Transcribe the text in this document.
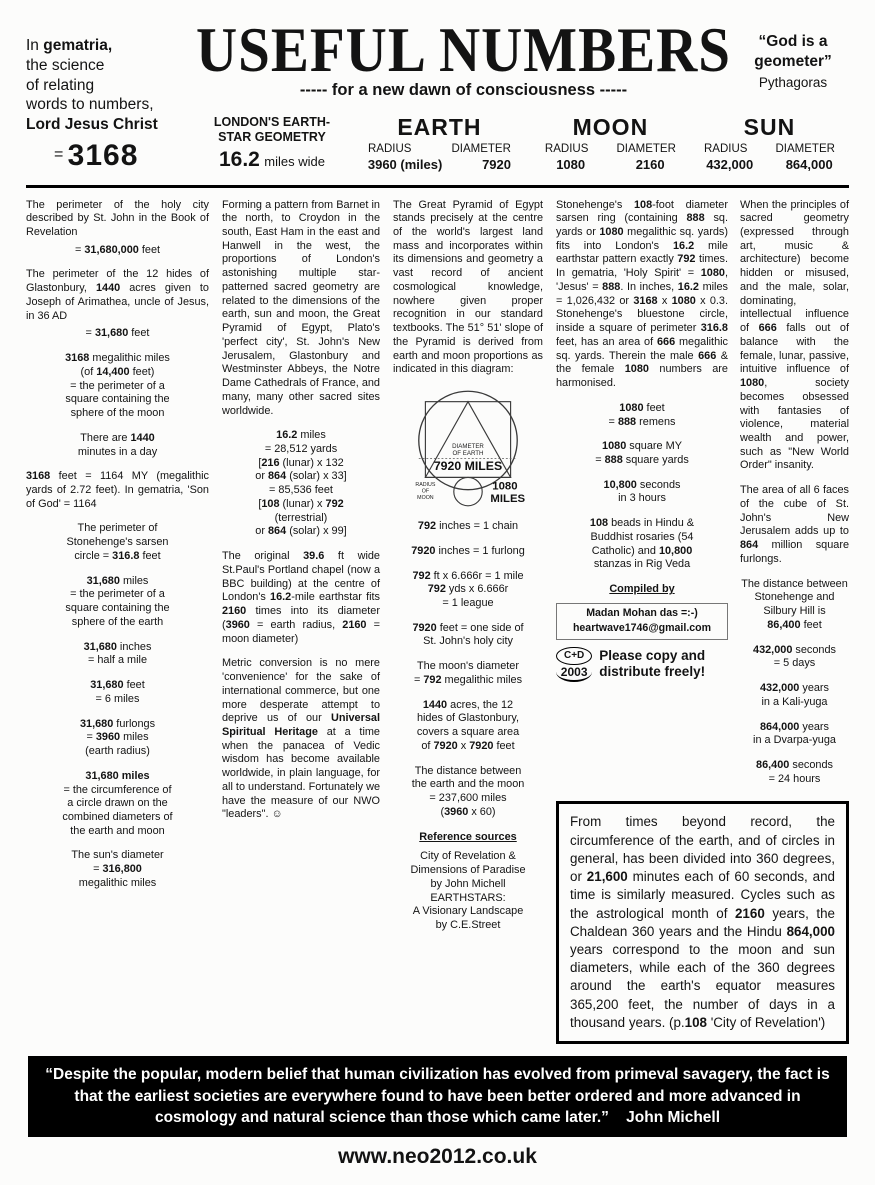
In gematria,
the science
of relating
words to numbers,
Lord Jesus Christ
= 3168
USEFUL NUMBERS
----- for a new dawn of consciousness -----
“God is a
geometer”
Pythagoras
LONDON'S EARTH-
STAR GEOMETRY
16.2 miles wide
EARTH
RADIUS	DIAMETER
3960 (miles)	7920
MOON
RADIUS DIAMETER
1080	2160
SUN
RADIUS DIAMETER
432,000	864,000
The perimeter of the holy city described by St. John in the Book of Revelation
= 31,680,000 feet
The perimeter of the 12 hides of Glastonbury, 1440 acres given to Joseph of Arimathea, uncle of Jesus, in 36 AD
= 31,680 feet
3168 megalithic miles
(of 14,400 feet)
= the perimeter of a
square containing the
sphere of the moon
There are 1440
minutes in a day
3168 feet = 1164 MY (megalithic yards of 2.72 feet). In gematria, 'Son of God' = 1164
The perimeter of
Stonehenge's sarsen
circle = 316.8 feet
31,680 miles
= the perimeter of a
square containing the
sphere of the earth
31,680 inches
= half a mile
31,680 feet
= 6 miles
31,680 furlongs
= 3960 miles
(earth radius)
31,680 miles
= the circumference of
a circle drawn on the
combined diameters of
the earth and moon
The sun's diameter
= 316,800
megalithic miles
Forming a pattern from Barnet in the north, to Croydon in the south, East Ham in the east and Hanwell in the west, the proportions of London's astonishing multiple star-patterned sacred geometry are related to the dimensions of the earth, sun and moon, the Great Pyramid of Egypt, Plato's 'perfect city', St. John's New Jerusalem, Glastonbury and Westminster Abbeys, the Notre Dame Cathedrals of France, and many, many other sacred sites worldwide.
16.2 miles
= 28,512 yards
[216 (lunar) x 132
or 864 (solar) x 33]
= 85,536 feet
[108 (lunar) x 792
(terrestrial)
or 864 (solar) x 99]
The original 39.6 ft wide St.Paul's Portland chapel (now a BBC building) at the centre of London's 16.2-mile earthstar fits 2160 times into its diameter (3960 = earth radius, 2160 = moon diameter)
Metric conversion is no mere 'convenience' for the sake of international commerce, but one more desperate attempt to deprive us of our Universal Spiritual Heritage at a time when the panacea of Vedic wisdom has become available worldwide, in plain language, for all to understand. Fortunately we have the measure of our NWO "leaders". ☺
The Great Pyramid of Egypt stands precisely at the centre of the world's largest land mass and incorporates within its dimensions and geometry a vast record of ancient cosmological knowledge, nowhere given proper recognition in our standard textbooks. The 51° 51' slope of the Pyramid is derived from earth and moon proportions as indicated in this diagram:
DIAMETER
OF EARTH
7920 MILES
RADIUS
OF
MOON
1080
MILES
792 inches = 1 chain
7920 inches = 1 furlong
792 ft x 6.666r = 1 mile
792 yds x 6.666r
= 1 league
7920 feet = one side of
St. John's holy city
The moon's diameter
= 792 megalithic miles
1440 acres, the 12
hides of Glastonbury,
covers a square area
of 7920 x 7920 feet
The distance between
the earth and the moon
= 237,600 miles
(3960 x 60)
Reference sources
City of Revelation &
Dimensions of Paradise
by John Michell
EARTHSTARS:
A Visionary Landscape
by C.E.Street
Stonehenge's 108-foot diameter sarsen ring (containing 888 sq. yards or 1080 megalithic sq. yards) fits into London's 16.2 mile earthstar pattern exactly 792 times. In gematria, 'Holy Spirit' = 1080, 'Jesus' = 888. In inches, 16.2 miles = 1,026,432 or 3168 x 1080 x 0.3. Stonehenge's bluestone circle, inside a square of perimeter 316.8 feet, has an area of 666 megalithic sq. yards. Therein the male 666 & the female 1080 numbers are harmonised.
1080 feet
= 888 remens
1080 square MY
= 888 square yards
10,800 seconds
in 3 hours
108 beads in Hindu &
Buddhist rosaries (54
Catholic) and 10,800
stanzas in Rig Veda
Compiled by
Madan Mohan das =:-)
heartwave1746@gmail.com
C+D
2003
Please copy and
distribute freely!
When the principles of sacred geometry (expressed through art, music & architecture) become hidden or misused, and the male, solar, dominating, intellectual influence of 666 falls out of balance with the female, lunar, passive, intuitive influence of 1080, society becomes obsessed with fantasies of violence, material wealth and power, such as "New World Order" insanity.
The area of all 6 faces of the cube of St. John's New Jerusalem adds up to 864 million square furlongs.
The distance between
Stonehenge and
Silbury Hill is
86,400 feet
432,000 seconds
= 5 days
432,000 years
in a Kali-yuga
864,000 years
in a Dvarpa-yuga
86,400 seconds
= 24 hours
From times beyond record, the circumference of the earth, and of circles in general, has been divided into 360 degrees, or 21,600 minutes each of 60 seconds, and time is similarly measured. Cycles such as the astrological month of 2160 years, the Chaldean 360 years and the Hindu 864,000 years correspond to the moon and sun diameters, while each of the 360 degrees around the earth's equator measures 365,200 feet, the number of days in a thousand years. (p.108 'City of Revelation')
“Despite the popular, modern belief that human civilization has evolved from primeval savagery, the fact is that the earliest societies are everywhere found to have been better ordered and more advanced in cosmology and natural science than those which came later.” John Michell
www.neo2012.co.uk
